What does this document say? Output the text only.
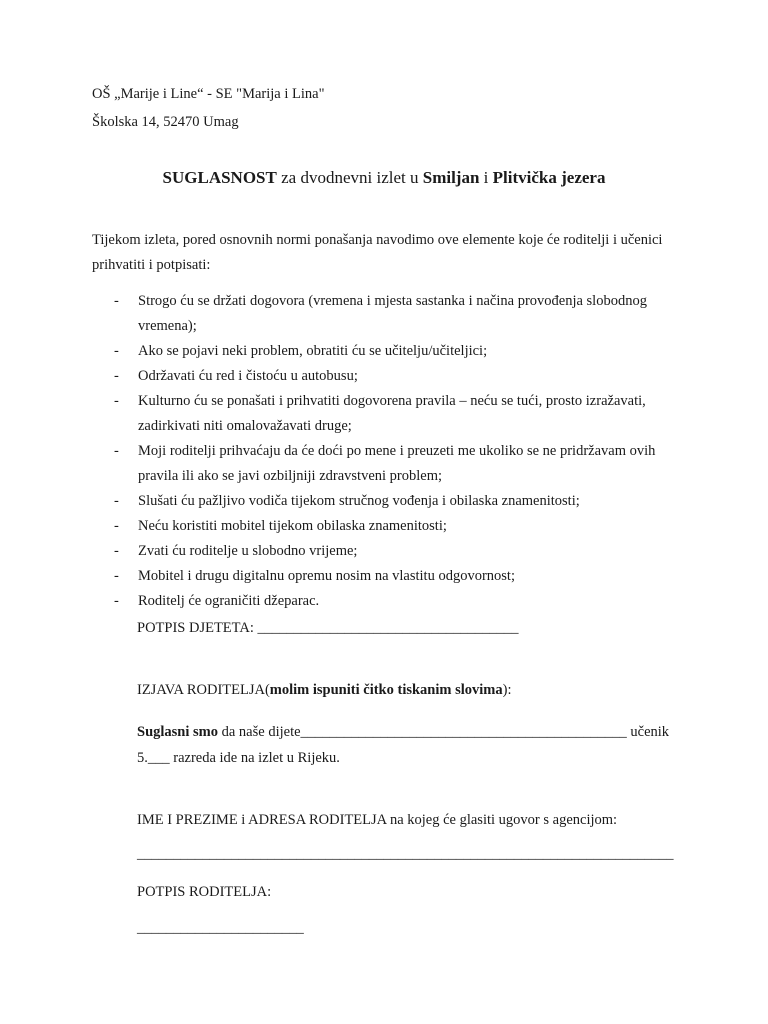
OŠ „Marije i Line“ - SE "Marija i Lina"
Školska 14, 52470 Umag
SUGLASNOST za dvodnevni izlet u Smiljan i Plitvička jezera
Tijekom izleta, pored osnovnih normi ponašanja navodimo ove elemente koje će roditelji i učenici prihvatiti i potpisati:
- Strogo ću se držati dogovora (vremena i mjesta sastanka i načina provođenja slobodnog vremena);
- Ako se pojavi neki problem, obratiti ću se učitelju/učiteljici;
- Održavati ću red i čistoću u autobusu;
- Kulturno ću se ponašati i prihvatiti dogovorena pravila – neću se tući, prosto izražavati, zadirkivati niti omalovažavati druge;
- Moji roditelji prihvaćaju da će doći po mene i preuzeti me ukoliko se ne pridržavam ovih pravila ili ako se javi ozbiljniji zdravstveni problem;
- Slušati ću pažljivo vodiča tijekom stručnog vođenja i obilaska znamenitosti;
- Neću koristiti mobitel tijekom obilaska znamenitosti;
- Zvati ću roditelje u slobodno vrijeme;
- Mobitel i drugu digitalnu opremu nosim na vlastitu odgovornost;
- Roditelj će ograničiti džeparac.
POTPIS DJETETA: ____________________________________
IZJAVA RODITELJA(molim ispuniti čitko tiskanim slovima):
Suglasni smo da naše dijete_____________________________________________ učenik
5.___ razreda ide na izlet u Rijeku.
IME I PREZIME i ADRESA RODITELJA na kojeg će glasiti ugovor s agencijom:
__________________________________________________________________________
POTPIS RODITELJA:
_______________________
